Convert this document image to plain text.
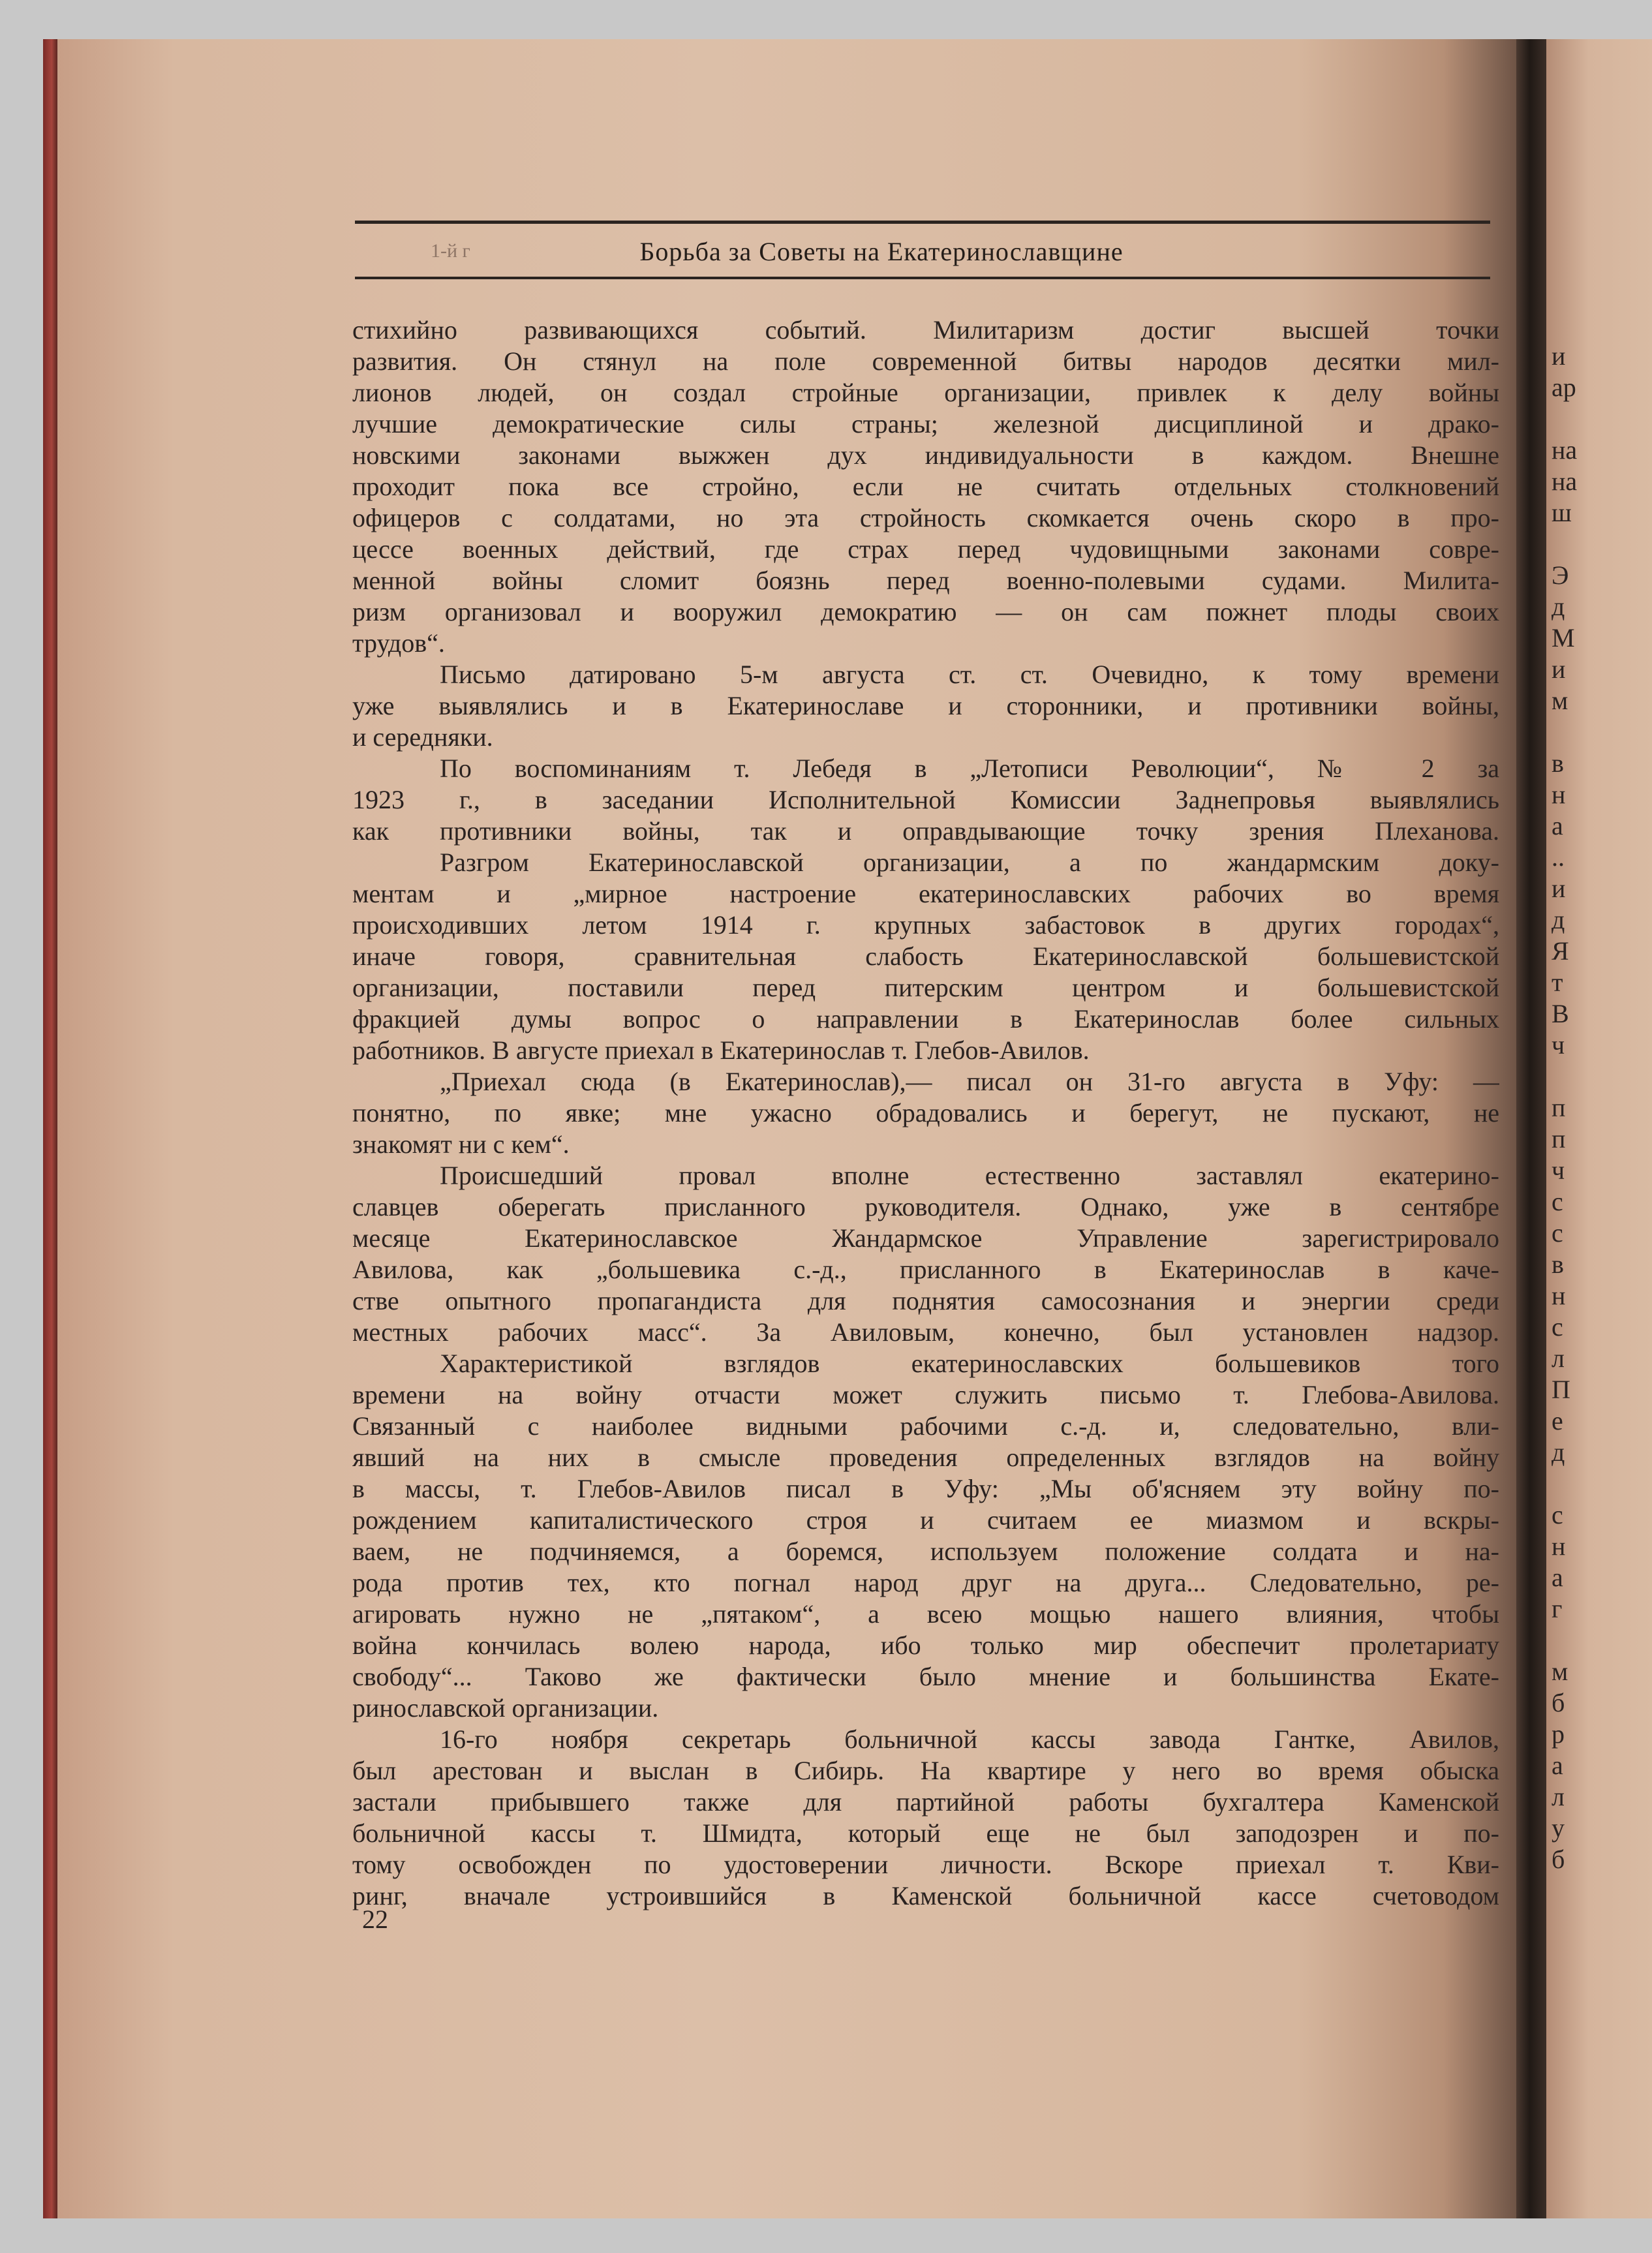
и
ар
на
на
ш
Э
д
М
и
м
в
н
а
..
и
д
Я
т
В
ч
п
п
ч
с
с
в
н
с
л
П
е
д
с
н
а
г
м
б
р
а
л
у
б
1-й г	Борьба за Советы на Екатеринославщине
стихийно развивающихся событий. Милитаризм достиг высшей точки
развития. Он стянул на поле современной битвы народов десятки мил-
лионов людей, он создал стройные организации, привлек к делу войны
лучшие демократические силы страны; железной дисциплиной и драко-
новскими законами выжжен дух индивидуальности в каждом. Внешне
проходит пока все стройно, если не считать отдельных столкновений
офицеров с солдатами, но эта стройность скомкается очень скоро в про-
цессе военных действий, где страх перед чудовищными законами совре-
менной войны сломит боязнь перед военно-полевыми судами. Милита-
ризм организовал и вооружил демократию — он сам пожнет плоды своих
трудов“.
Письмо датировано 5-м августа ст. ст. Очевидно, к тому времени
уже выявлялись и в Екатеринославе и сторонники, и противники войны,
и середняки.
По воспоминаниям т. Лебедя в „Летописи Революции“, № 2 за
1923 г., в заседании Исполнительной Комиссии Заднепровья выявлялись
как противники войны, так и оправдывающие точку зрения Плеханова.
Разгром Екатеринославской организации, а по жандармским доку-
ментам и „мирное настроение екатеринославских рабочих во время
происходивших летом 1914 г. крупных забастовок в других городах“,
иначе говоря, сравнительная слабость Екатеринославской большевистской
организации, поставили перед питерским центром и большевистской
фракцией думы вопрос о направлении в Екатеринослав более сильных
работников. В августе приехал в Екатеринослав т. Глебов-Авилов.
„Приехал сюда (в Екатеринослав),— писал он 31-го августа в Уфу: —
понятно, по явке; мне ужасно обрадовались и берегут, не пускают, не
знакомят ни с кем“.
Происшедший провал вполне естественно заставлял екатерино-
славцев оберегать присланного руководителя. Однако, уже в сентябре
месяце Екатеринославское Жандармское Управление зарегистрировало
Авилова, как „большевика с.-д., присланного в Екатеринослав в каче-
стве опытного пропагандиста для поднятия самосознания и энергии среди
местных рабочих масс“. За Авиловым, конечно, был установлен надзор.
Характеристикой взглядов екатеринославских большевиков того
времени на войну отчасти может служить письмо т. Глебова-Авилова.
Связанный с наиболее видными рабочими с.-д. и, следовательно, вли-
явший на них в смысле проведения определенных взглядов на войну
в массы, т. Глебов-Авилов писал в Уфу: „Мы об'ясняем эту войну по-
рождением капиталистического строя и считаем ее миазмом и вскры-
ваем, не подчиняемся, а боремся, используем положение солдата и на-
рода против тех, кто погнал народ друг на друга... Следовательно, ре-
агировать нужно не „пятаком“, а всею мощью нашего влияния, чтобы
война кончилась волею народа, ибо только мир обеспечит пролетариату
свободу“... Таково же фактически было мнение и большинства Екате-
ринославской организации.
16-го ноября секретарь больничной кассы завода Гантке, Авилов,
был арестован и выслан в Сибирь. На квартире у него во время обыска
застали прибывшего также для партийной работы бухгалтера Каменской
больничной кассы т. Шмидта, который еще не был заподозрен и по-
тому освобожден по удостоверении личности. Вскоре приехал т. Кви-
ринг, вначале устроившийся в Каменской больничной кассе счетоводом
22
